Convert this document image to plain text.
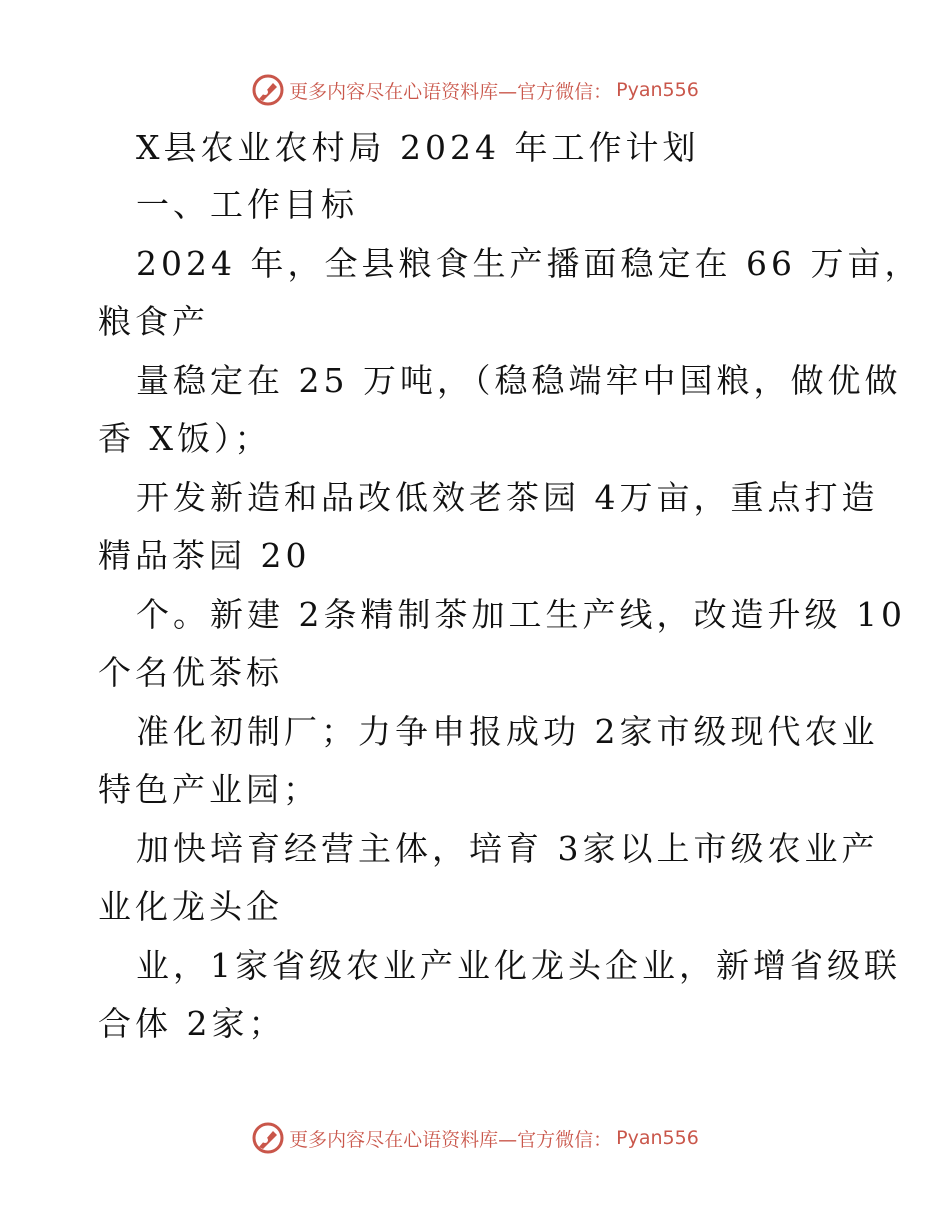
更多内容尽在心语资料库—官方微信： Pyan556
X县农业农村局 2024 年工作计划
一、工作目标
2024 年，全县粮食生产播面稳定在 66 万亩，
粮食产
量稳定在 25 万吨，（稳稳端牢中国粮，做优做
香 X饭）；
开发新造和品改低效老茶园 4万亩，重点打造
精品茶园 20
个。新建 2条精制茶加工生产线，改造升级 10
个名优茶标
准化初制厂；力争申报成功 2家市级现代农业
特色产业园；
加快培育经营主体，培育 3家以上市级农业产
业化龙头企
业，1家省级农业产业化龙头企业，新增省级联
合体 2家；
更多内容尽在心语资料库—官方微信： Pyan556
